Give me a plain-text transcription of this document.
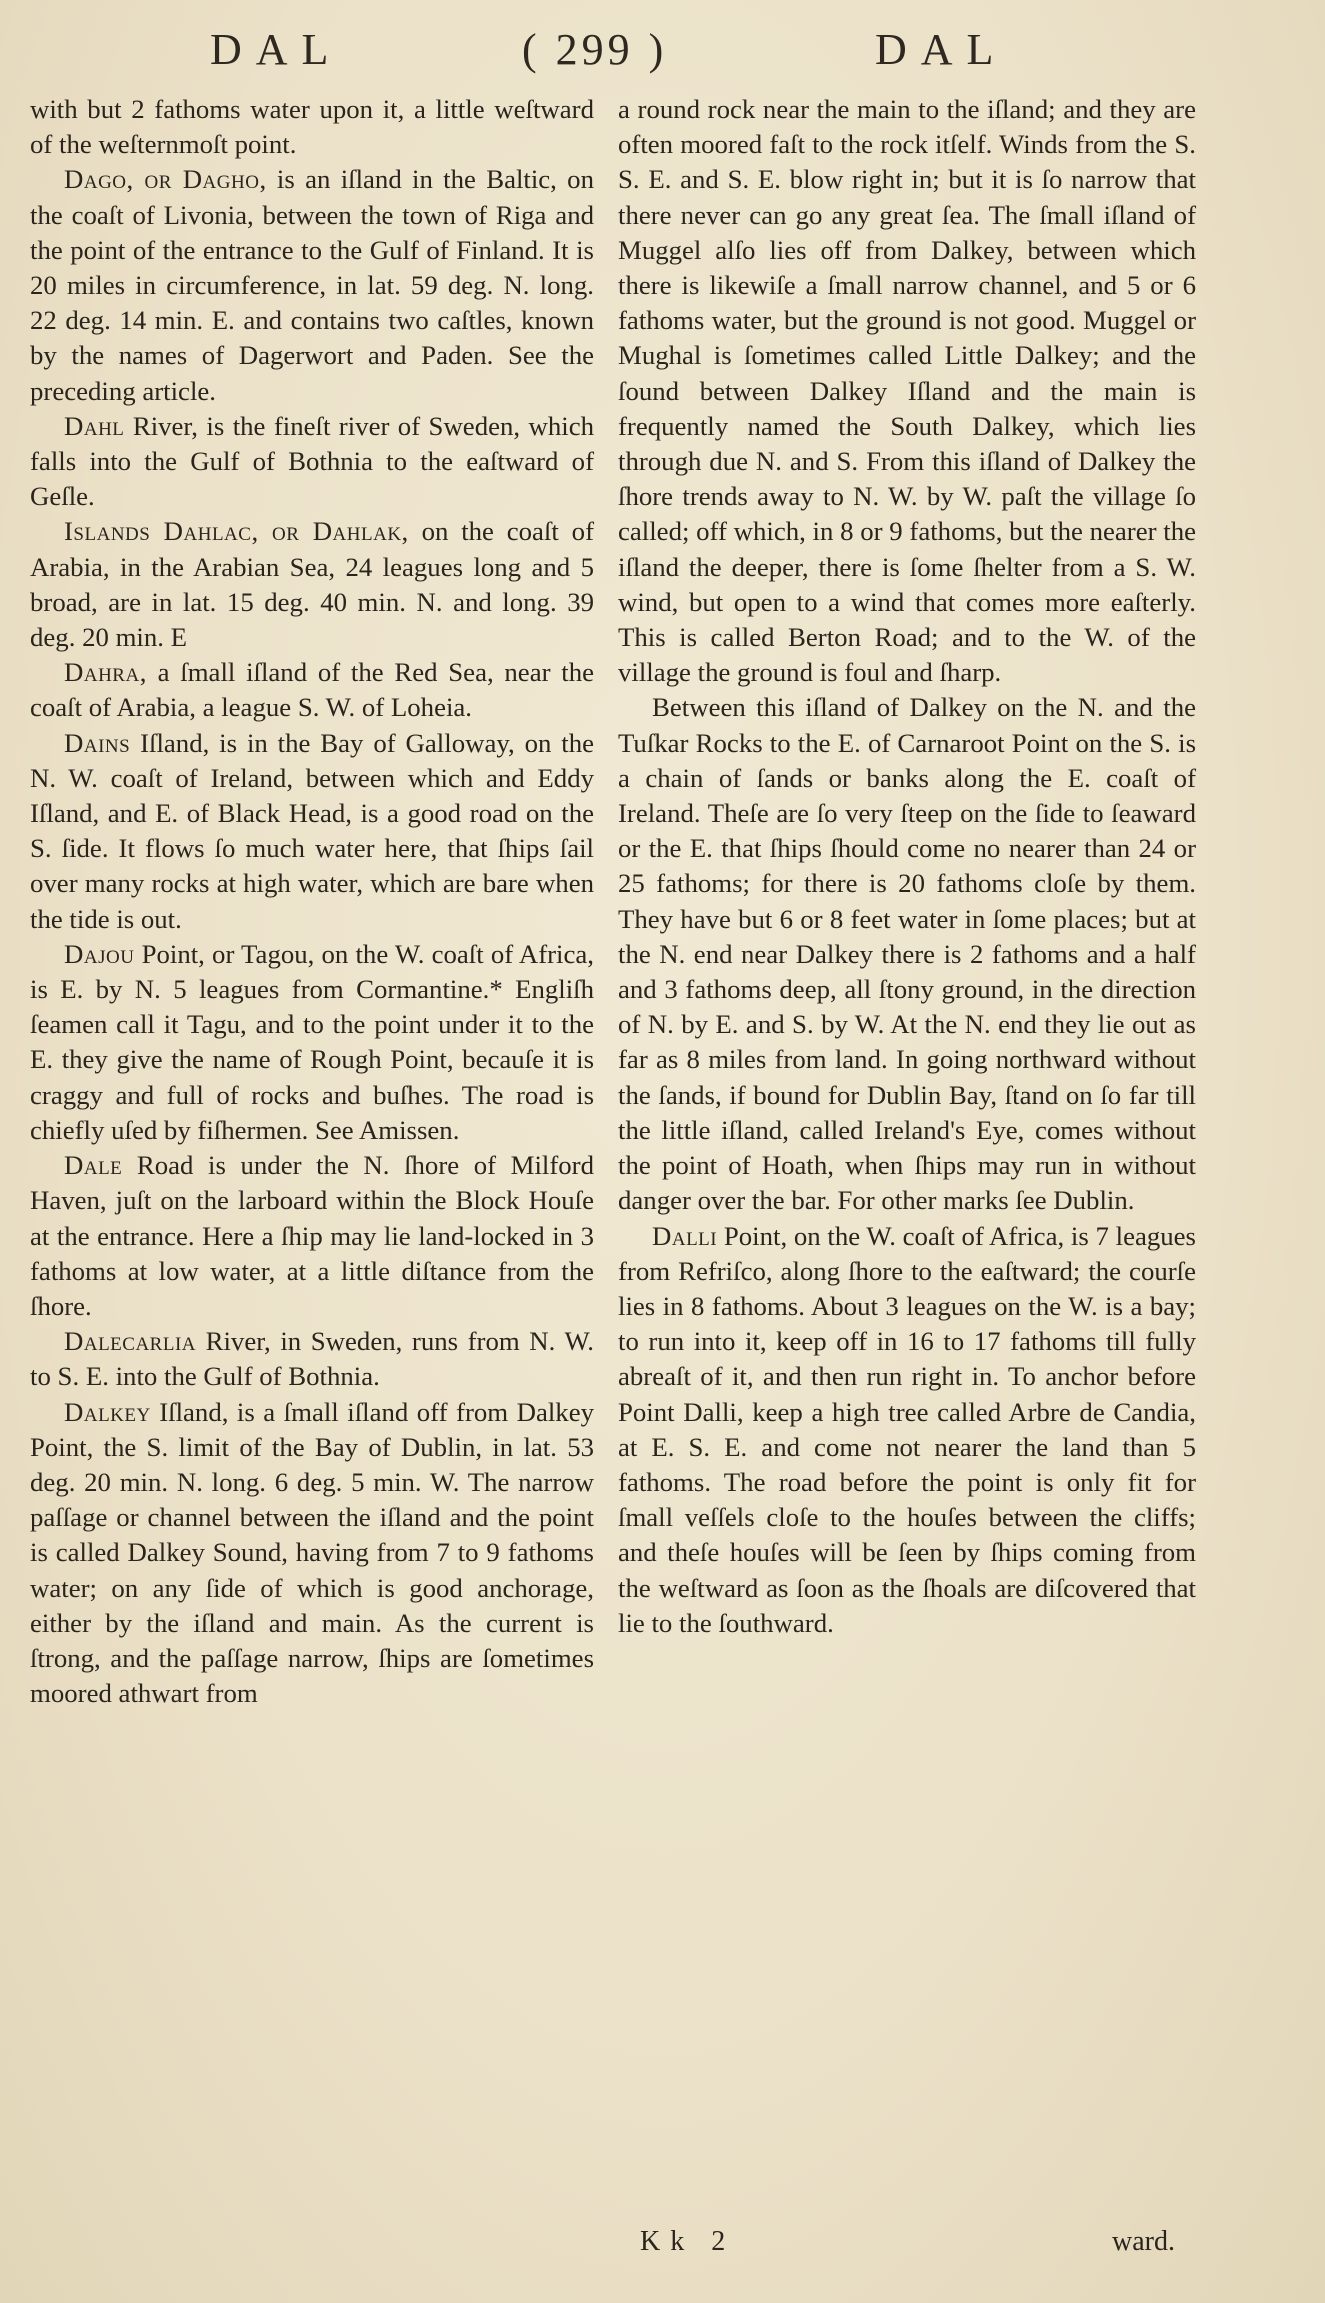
DAL	( 299 )	DAL

with but 2 fathoms water upon it, a little weſtward of the weſternmoſt point.

Dago, or Dagho, is an iſland in the Baltic, on the coaſt of Livonia, between the town of Riga and the point of the entrance to the Gulf of Finland. It is 20 miles in circumference, in lat. 59 deg. N. long. 22 deg. 14 min. E. and contains two caſtles, known by the names of Dagerwort and Paden. See the preceding article.

Dahl River, is the fineſt river of Sweden, which falls into the Gulf of Bothnia to the eaſtward of Geſle.

Iſlands Dahlac, or Dahlak, on the coaſt of Arabia, in the Arabian Sea, 24 leagues long and 5 broad, are in lat. 15 deg. 40 min. N. and long. 39 deg. 20 min. E

Dahra, a ſmall iſland of the Red Sea, near the coaſt of Arabia, a league S. W. of Loheia.

Dains Iſland, is in the Bay of Galloway, on the N. W. coaſt of Ireland, between which and Eddy Iſland, and E. of Black Head, is a good road on the S. ſide. It flows ſo much water here, that ſhips ſail over many rocks at high water, which are bare when the tide is out.

Dajou Point, or Tagou, on the W. coaſt of Africa, is E. by N. 5 leagues from Cormantine.* Engliſh ſeamen call it Tagu, and to the point under it to the E. they give the name of Rough Point, becauſe it is craggy and full of rocks and buſhes. The road is chiefly uſed by fiſhermen. See Amissen.

Dale Road is under the N. ſhore of Milford Haven, juſt on the larboard within the Block Houſe at the entrance. Here a ſhip may lie land-locked in 3 fathoms at low water, at a little diſtance from the ſhore.

Dalecarlia River, in Sweden, runs from N. W. to S. E. into the Gulf of Bothnia.

Dalkey Iſland, is a ſmall iſland off from Dalkey Point, the S. limit of the Bay of Dublin, in lat. 53 deg. 20 min. N. long. 6 deg. 5 min. W. The narrow paſſage or channel between the iſland and the point is called Dalkey Sound, having from 7 to 9 fathoms water; on any ſide of which is good anchorage, either by the iſland and main. As the current is ſtrong, and the paſſage narrow, ſhips are ſometimes moored athwart from

a round rock near the main to the iſland; and they are often moored faſt to the rock itſelf. Winds from the S. S. E. and S. E. blow right in; but it is ſo narrow that there never can go any great ſea. The ſmall iſland of Muggel alſo lies off from Dalkey, between which there is likewiſe a ſmall narrow channel, and 5 or 6 fathoms water, but the ground is not good. Muggel or Mughal is ſometimes called Little Dalkey; and the ſound between Dalkey Iſland and the main is frequently named the South Dalkey, which lies through due N. and S. From this iſland of Dalkey the ſhore trends away to N. W. by W. paſt the village ſo called; off which, in 8 or 9 fathoms, but the nearer the iſland the deeper, there is ſome ſhelter from a S. W. wind, but open to a wind that comes more eaſterly. This is called Berton Road; and to the W. of the village the ground is foul and ſharp.

Between this iſland of Dalkey on the N. and the Tuſkar Rocks to the E. of Carnaroot Point on the S. is a chain of ſands or banks along the E. coaſt of Ireland. Theſe are ſo very ſteep on the ſide to ſeaward or the E. that ſhips ſhould come no nearer than 24 or 25 fathoms; for there is 20 fathoms cloſe by them. They have but 6 or 8 feet water in ſome places; but at the N. end near Dalkey there is 2 fathoms and a half and 3 fathoms deep, all ſtony ground, in the direction of N. by E. and S. by W. At the N. end they lie out as far as 8 miles from land. In going northward without the ſands, if bound for Dublin Bay, ſtand on ſo far till the little iſland, called Ireland's Eye, comes without the point of Hoath, when ſhips may run in without danger over the bar. For other marks ſee Dublin.

Dalli Point, on the W. coaſt of Africa, is 7 leagues from Refriſco, along ſhore to the eaſtward; the courſe lies in 8 fathoms. About 3 leagues on the W. is a bay; to run into it, keep off in 16 to 17 fathoms till fully abreaſt of it, and then run right in. To anchor before Point Dalli, keep a high tree called Arbre de Candia, at E. S. E. and come not nearer the land than 5 fathoms. The road before the point is only fit for ſmall veſſels cloſe to the houſes between the cliffs; and theſe houſes will be ſeen by ſhips coming from the weſtward as ſoon as the ſhoals are diſcovered that lie to the ſouthward.

Kk 2	ward.
